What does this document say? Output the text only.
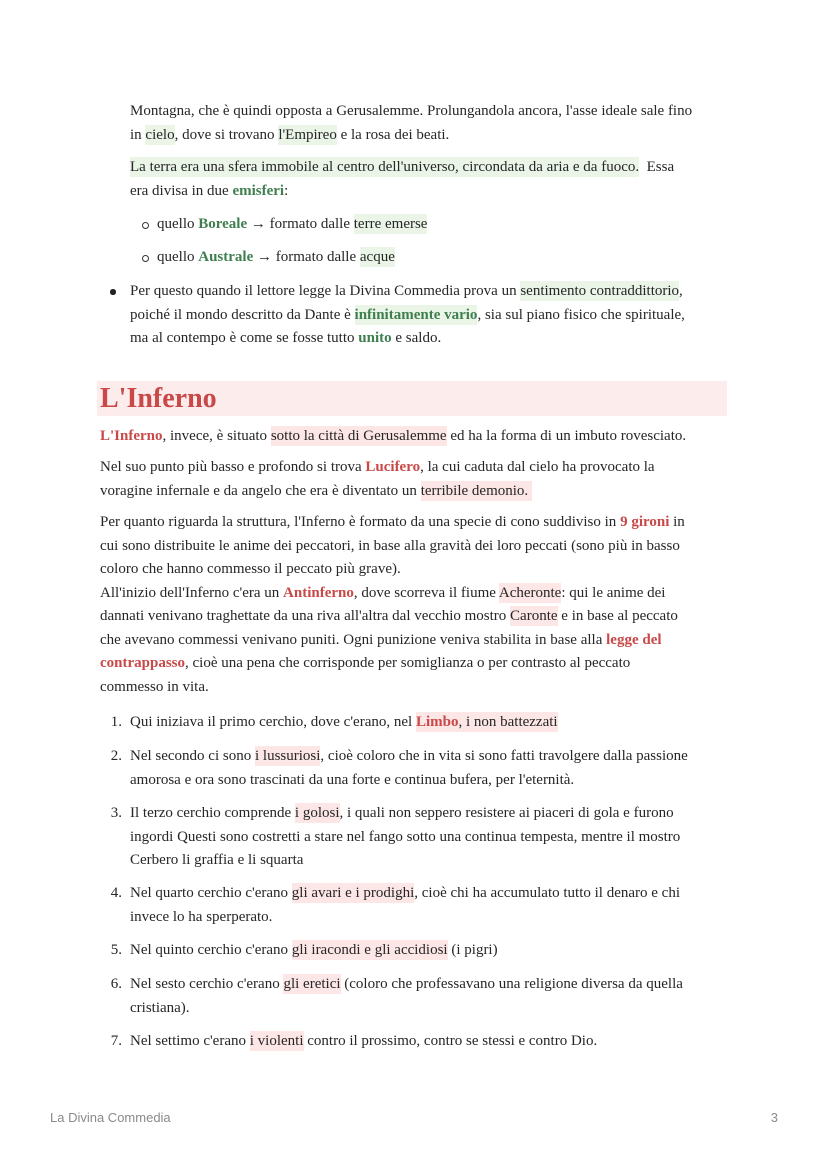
Montagna, che è quindi opposta a Gerusalemme. Prolungandola ancora, l'asse ideale sale fino
in cielo, dove si trovano l'Empireo e la rosa dei beati.
La terra era una sfera immobile al centro dell'universo, circondata da aria e da fuoco.  Essa
era divisa in due emisferi:
quello Boreale → formato dalle terre emerse
quello Australe → formato dalle acque
Per questo quando il lettore legge la Divina Commedia prova un sentimento contraddittorio,
poiché il mondo descritto da Dante è infinitamente vario, sia sul piano fisico che spirituale,
ma al contempo è come se fosse tutto unito e saldo.
L'Inferno
L'Inferno, invece, è situato sotto la città di Gerusalemme ed ha la forma di un imbuto rovesciato.
Nel suo punto più basso e profondo si trova Lucifero, la cui caduta dal cielo ha provocato la
voragine infernale e da angelo che era è diventato un terribile demonio.
Per quanto riguarda la struttura, l'Inferno è formato da una specie di cono suddiviso in 9 gironi in
cui sono distribuite le anime dei peccatori, in base alla gravità dei loro peccati (sono più in basso
coloro che hanno commesso il peccato più grave).
All'inizio dell'Inferno c'era un Antinferno, dove scorreva il fiume Acheronte: qui le anime dei
dannati venivano traghettate da una riva all'altra dal vecchio mostro Caronte e in base al peccato
che avevano commessi venivano puniti. Ogni punizione veniva stabilita in base alla legge del
contrappasso, cioè una pena che corrisponde per somiglianza o per contrasto al peccato
commesso in vita.
1. Qui iniziava il primo cerchio, dove c'erano, nel Limbo, i non battezzati
2. Nel secondo ci sono i lussuriosi, cioè coloro che in vita si sono fatti travolgere dalla passione
amorosa e ora sono trascinati da una forte e continua bufera, per l'eternità.
3. Il terzo cerchio comprende i golosi, i quali non seppero resistere ai piaceri di gola e furono
ingordi Questi sono costretti a stare nel fango sotto una continua tempesta, mentre il mostro
Cerbero li graffia e li squarta
4. Nel quarto cerchio c'erano gli avari e i prodighi, cioè chi ha accumulato tutto il denaro e chi
invece lo ha sperperato.
5. Nel quinto cerchio c'erano gli iracondi e gli accidiosi (i pigri)
6. Nel sesto cerchio c'erano gli eretici (coloro che professavano una religione diversa da quella
cristiana).
7. Nel settimo c'erano i violenti contro il prossimo, contro se stessi e contro Dio.
La Divina Commedia	3
